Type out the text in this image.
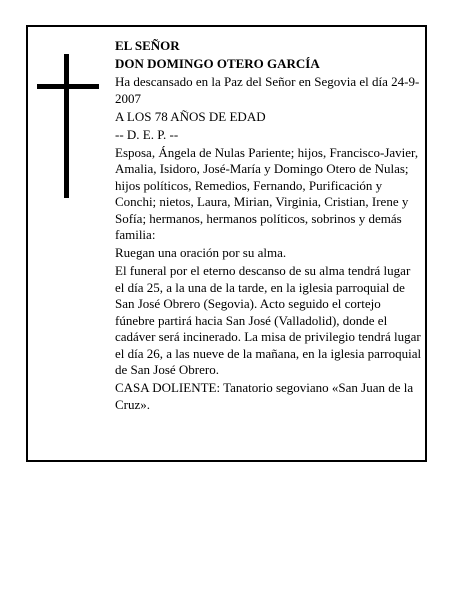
EL SEÑOR

DON DOMINGO OTERO GARCÍA

Ha descansado en la Paz del Señor en Segovia el día 24-9-2007

A LOS 78 AÑOS DE EDAD

-- D. E. P. --

Esposa, Ángela de Nulas Pariente; hijos, Francisco-Javier, Amalia, Isidoro, José-María y Domingo Otero de Nulas; hijos políticos, Remedios, Fernando, Purificación y Conchi; nietos, Laura, Mirian, Virginia, Cristian, Irene y Sofía; hermanos, hermanos políticos, sobrinos y demás familia:

Ruegan una oración por su alma.

El funeral por el eterno descanso de su alma tendrá lugar el día 25, a la una de la tarde, en la iglesia parroquial de San José Obrero (Segovia). Acto seguido el cortejo fúnebre partirá hacia San José (Valladolid), donde el cadáver será incinerado. La misa de privilegio tendrá lugar el día 26, a las nueve de la mañana, en la iglesia parroquial de San José Obrero.

CASA DOLIENTE: Tanatorio segoviano «San Juan de la Cruz».
